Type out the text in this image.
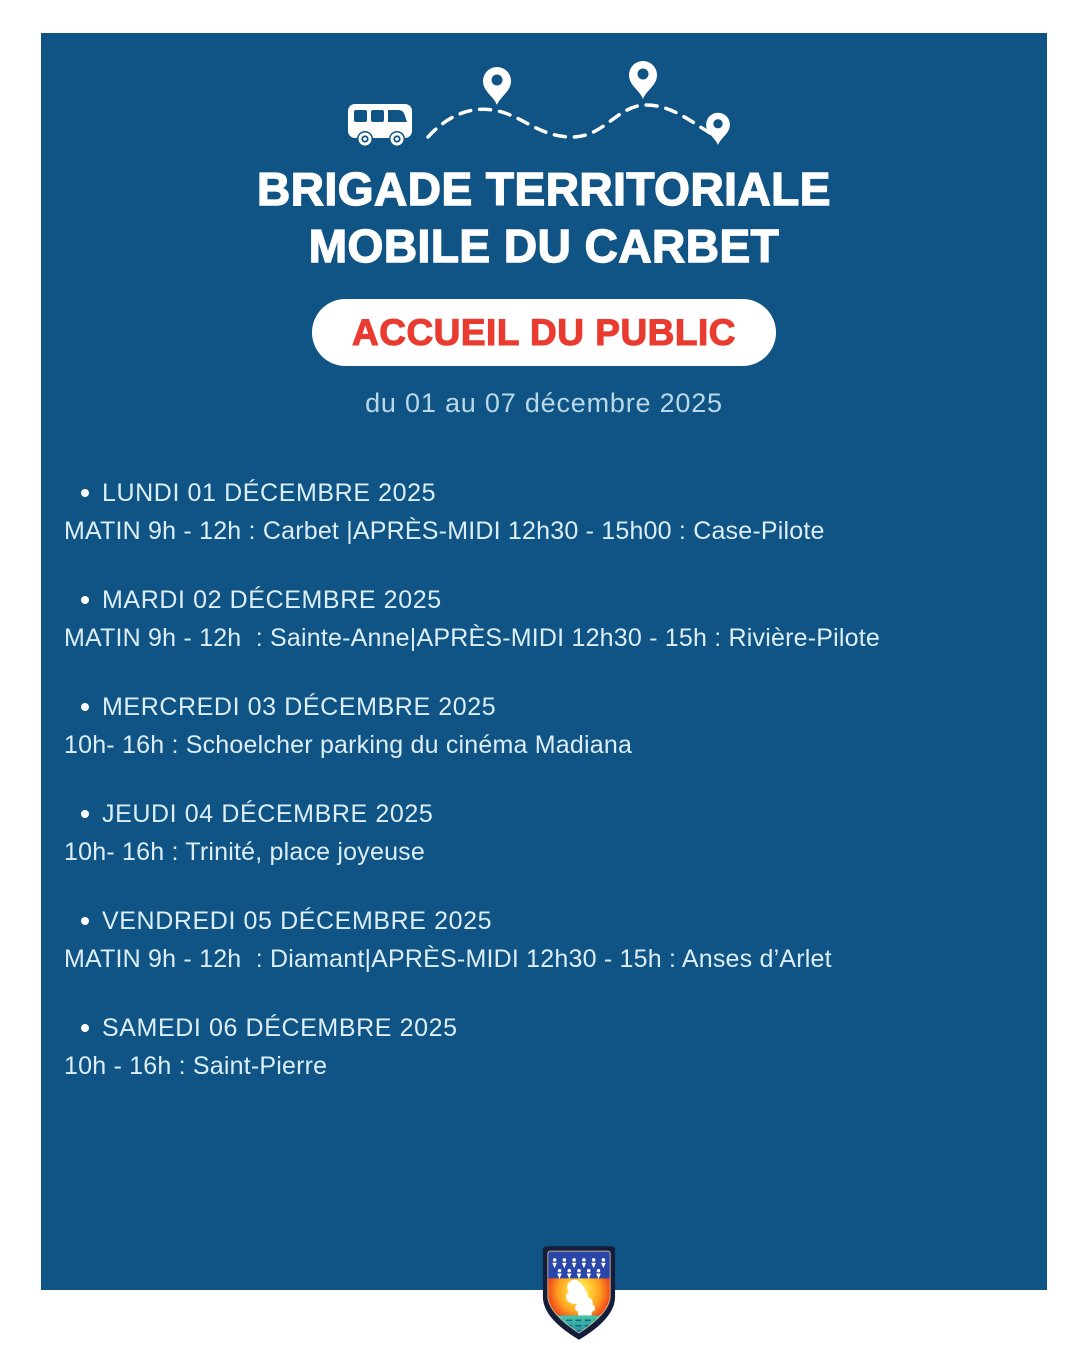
BRIGADE TERRITORIALE
MOBILE DU CARBET
ACCUEIL DU PUBLIC
du 01 au 07 décembre 2025
LUNDI 01 DÉCEMBRE 2025
MATIN 9h - 12h : Carbet |APRÈS-MIDI 12h30 - 15h00 : Case-Pilote
MARDI 02 DÉCEMBRE 2025
MATIN 9h - 12h  : Sainte-Anne|APRÈS-MIDI 12h30 - 15h : Rivière-Pilote
MERCREDI 03 DÉCEMBRE 2025
10h- 16h : Schoelcher parking du cinéma Madiana
JEUDI 04 DÉCEMBRE 2025
10h- 16h : Trinité, place joyeuse
VENDREDI 05 DÉCEMBRE 2025
MATIN 9h - 12h  : Diamant|APRÈS-MIDI 12h30 - 15h : Anses d’Arlet
SAMEDI 06 DÉCEMBRE 2025
10h - 16h : Saint-Pierre
